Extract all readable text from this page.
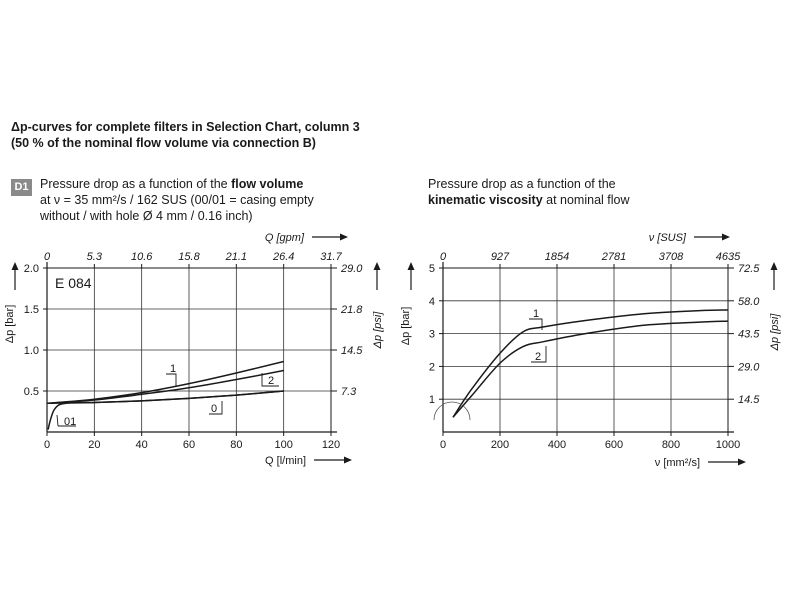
Δp-curves for complete filters in Selection Chart, column 3
(50 % of the nominal flow volume via connection B)
D1 Pressure drop as a function of the flow volume
at ν = 35 mm²/s / 162 SUS (00/01 = casing empty
without / with hole Ø 4 mm / 0.16 inch)
Pressure drop as a function of the
kinematic viscosity at nominal flow
0	20	40	60	80	100	120
0	5.3	10.6 15.8 21.1 26.4 31.7
0.5
1.0
1.5
2.0
7.3
14.5
21.8
29.0
1
2
0
01
Q [l/min]
Q [gpm]
Δp [bar]	Δp [psi]
E 084
0	200	400	600	800	1000
0	927	1854	2781	3708	4635
1
2
3
4
5
14.5
29.0
43.5
58.0
72.5
1
2
ν [mm²/s]
ν [SUS]
Δp [bar]	Δp [psi]
